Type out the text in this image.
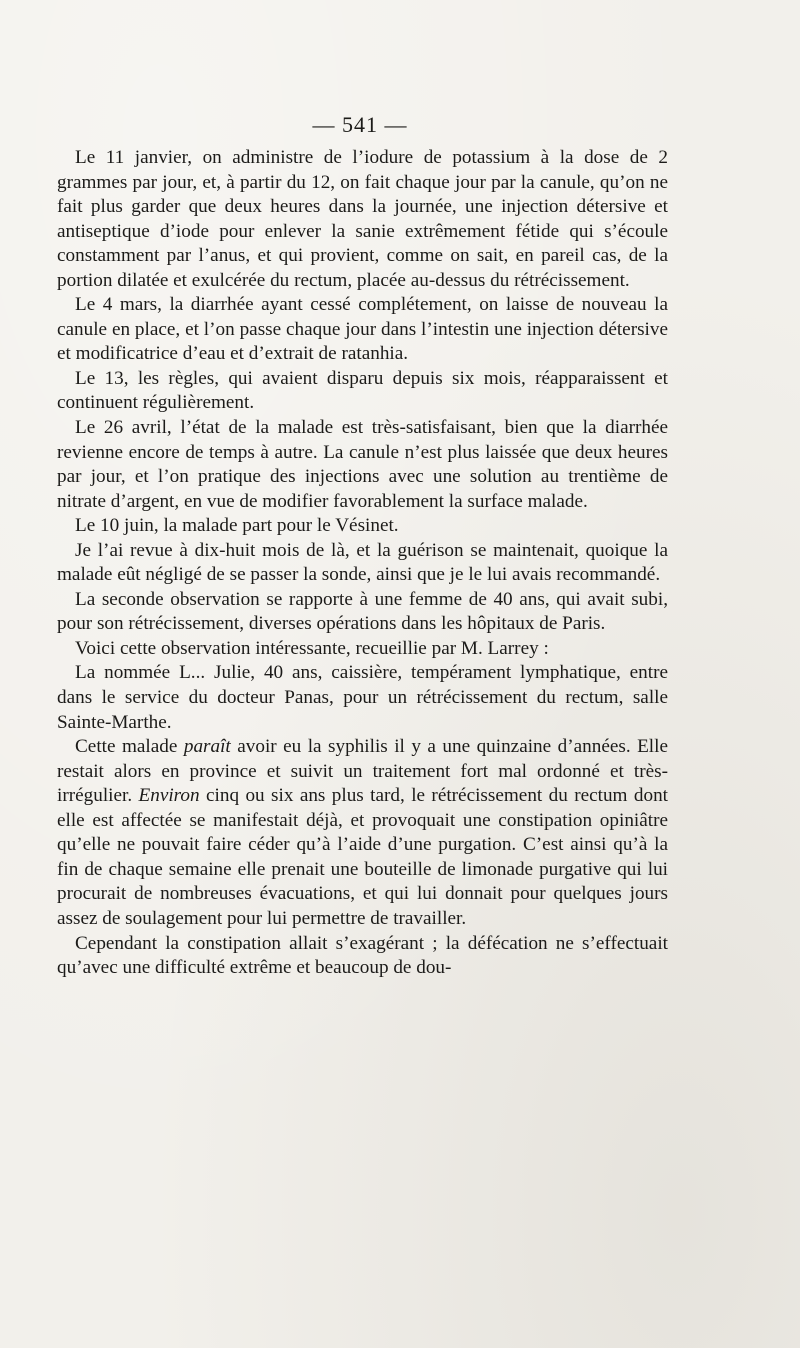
— 541 —

Le 11 janvier, on administre de l’iodure de potassium à la dose de 2 grammes par jour, et, à partir du 12, on fait chaque jour par la canule, qu’on ne fait plus garder que deux heures dans la journée, une injection détersive et antiseptique d’iode pour enlever la sanie extrêmement fétide qui s’écoule constamment par l’anus, et qui provient, comme on sait, en pareil cas, de la portion dilatée et exulcérée du rectum, placée au-dessus du rétrécissement.

Le 4 mars, la diarrhée ayant cessé complétement, on laisse de nouveau la canule en place, et l’on passe chaque jour dans l’intestin une injection détersive et modificatrice d’eau et d’extrait de ratanhia.

Le 13, les règles, qui avaient disparu depuis six mois, réapparaissent et continuent régulièrement.

Le 26 avril, l’état de la malade est très-satisfaisant, bien que la diarrhée revienne encore de temps à autre. La canule n’est plus laissée que deux heures par jour, et l’on pratique des injections avec une solution au trentième de nitrate d’argent, en vue de modifier favorablement la surface malade.

Le 10 juin, la malade part pour le Vésinet.

Je l’ai revue à dix-huit mois de là, et la guérison se maintenait, quoique la malade eût négligé de se passer la sonde, ainsi que je le lui avais recommandé.

La seconde observation se rapporte à une femme de 40 ans, qui avait subi, pour son rétrécissement, diverses opérations dans les hôpitaux de Paris.

Voici cette observation intéressante, recueillie par M. Larrey :

La nommée L... Julie, 40 ans, caissière, tempérament lymphatique, entre dans le service du docteur Panas, pour un rétrécissement du rectum, salle Sainte-Marthe.

Cette malade paraît avoir eu la syphilis il y a une quinzaine d’années. Elle restait alors en province et suivit un traitement fort mal ordonné et très-irrégulier. Environ cinq ou six ans plus tard, le rétrécissement du rectum dont elle est affectée se manifestait déjà, et provoquait une constipation opiniâtre qu’elle ne pouvait faire céder qu’à l’aide d’une purgation. C’est ainsi qu’à la fin de chaque semaine elle prenait une bouteille de limonade purgative qui lui procurait de nombreuses évacuations, et qui lui donnait pour quelques jours assez de soulagement pour lui permettre de travailler.

Cependant la constipation allait s’exagérant ; la défécation ne s’effectuait qu’avec une difficulté extrême et beaucoup de dou-
